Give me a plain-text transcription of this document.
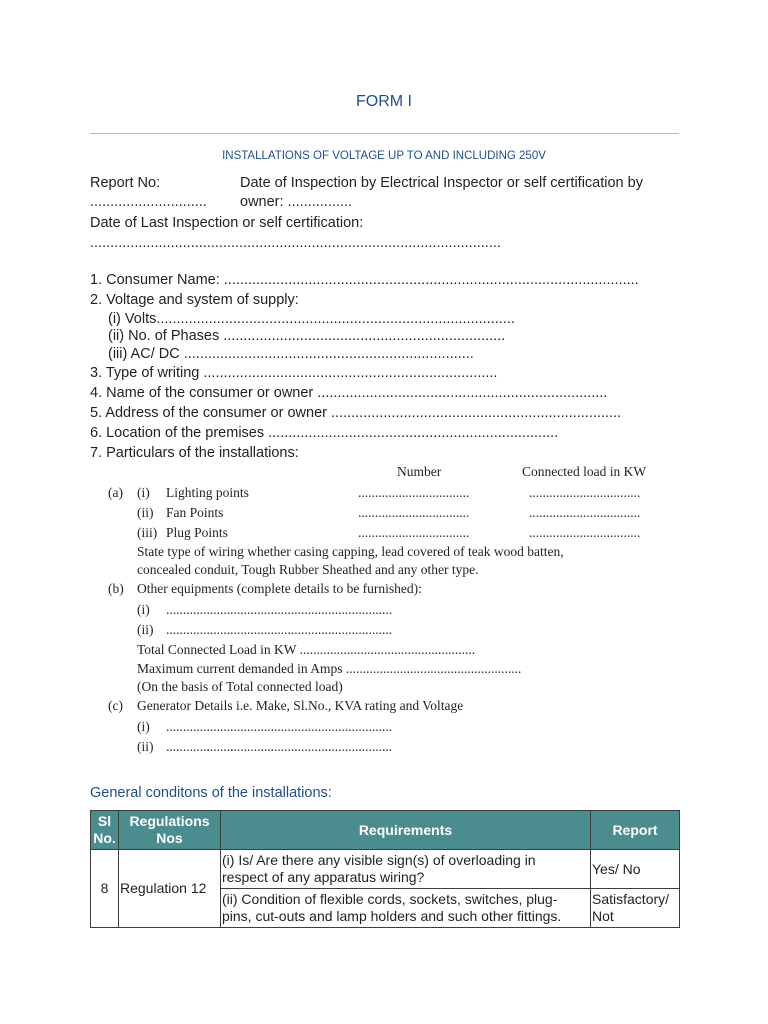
FORM I
INSTALLATIONS OF VOLTAGE UP TO AND INCLUDING 250V
Report No:
.............................
Date of Inspection by Electrical Inspector or self certification by
owner: ................
Date of Last Inspection or self certification:
......................................................................................................
1. Consumer Name: .......................................................................................................
2. Voltage and system of supply:
(i) Volts.........................................................................................
(ii) No. of Phases ......................................................................
(iii) AC/ DC ........................................................................
3. Type of writing .........................................................................
4. Name of the consumer or owner ........................................................................
5. Address of the consumer or owner ........................................................................
6. Location of the premises ........................................................................
7. Particulars of the installations:
Number	Connected load in KW
(a) (i) Lighting points	.................................	.................................
(ii) Fan Points	.................................	.................................
(iii) Plug Points	.................................	.................................
State type of wiring whether casing capping, lead covered of teak wood batten,
concealed conduit, Tough Rubber Sheathed and any other type.
(b) Other equipments (complete details to be furnished):
(i) ...................................................................
(ii) ...................................................................
Total Connected Load in KW ....................................................
Maximum current demanded in Amps ....................................................
(On the basis of Total connected load)
(c) Generator Details i.e. Make, Sl.No., KVA rating and Voltage
(i) ...................................................................
(ii) ...................................................................
General conditons of the installations:
Sl
No.	Regulations
Nos	Requirements	Report
8	Regulation 12	(i) Is/ Are there any visible sign(s) of overloading in
respect of any apparatus wiring?	Yes/ No
		(ii) Condition of flexible cords, sockets, switches, plug-
pins, cut-outs and lamp holders and such other fittings.	Satisfactory/
Not
